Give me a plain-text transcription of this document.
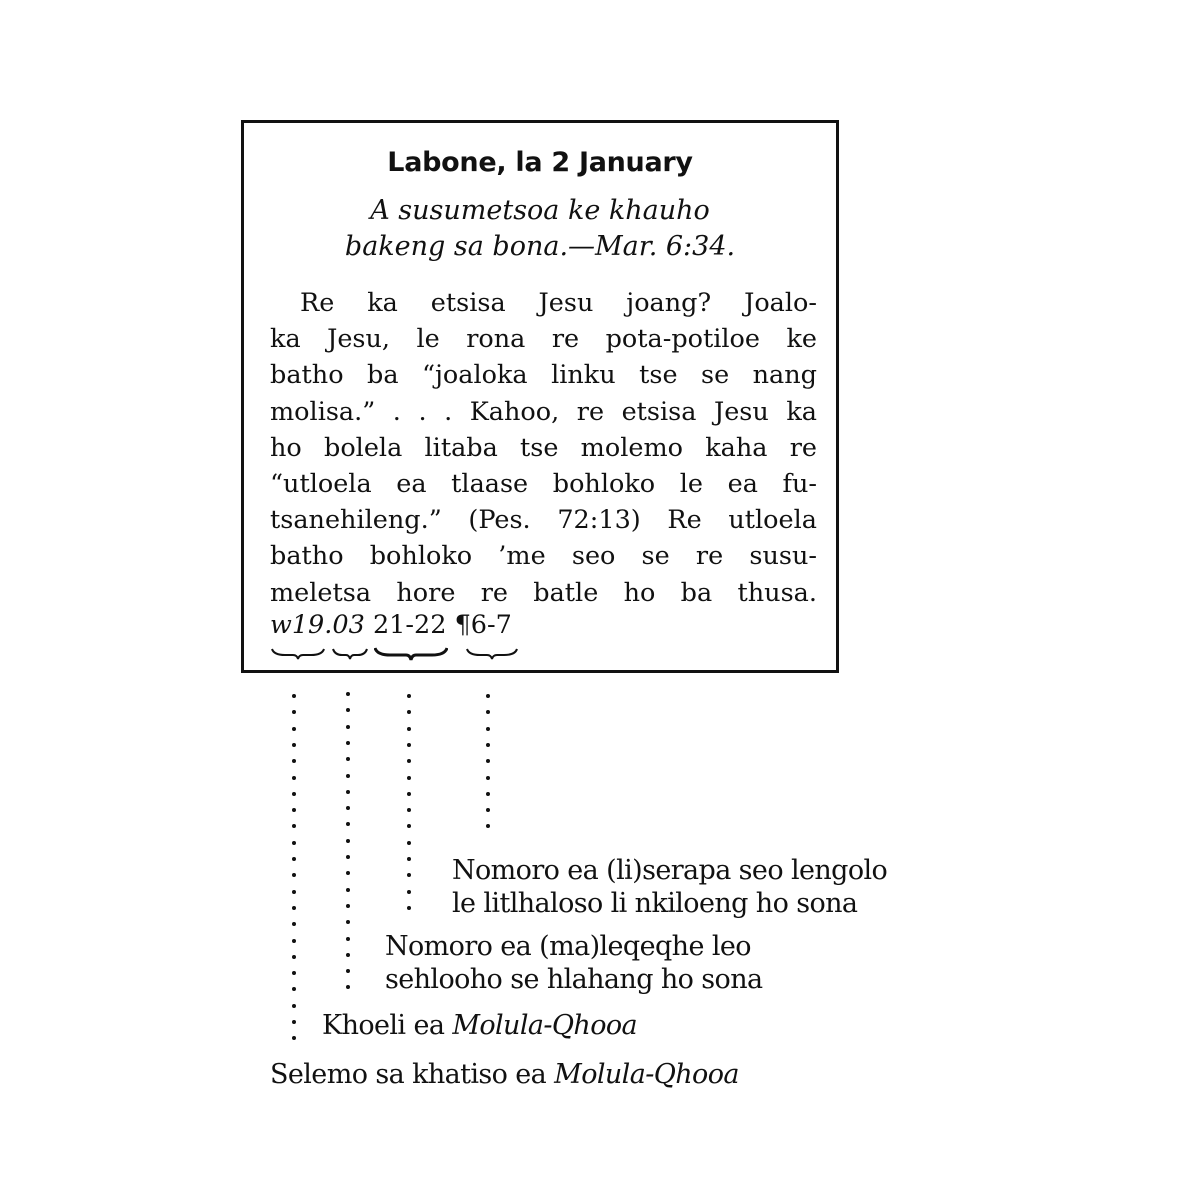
Labone, la 2 January
A susumetsoa ke khauho
bakeng sa bona.—Mar. 6:34.
Re ka etsisa Jesu joang? Joalo-
ka Jesu, le rona re pota-potiloe ke
batho ba “joaloka linku tse se nang
molisa.” . . . Kahoo, re etsisa Jesu ka
ho bolela litaba tse molemo kaha re
“utloela ea tlaase bohloko le ea fu-
tsanehileng.” (Pes. 72:13) Re utloela
batho bohloko ’me seo se re susu-
meletsa hore re batle ho ba thusa.
w19.03 21-22 ¶6-7
Nomoro ea (li)serapa seo lengolo
le litlhaloso li nkiloeng ho sona
Nomoro ea (ma)leqeqhe leo
sehlooho se hlahang ho sona
Khoeli ea Molula-Qhooa
Selemo sa khatiso ea Molula-Qhooa
